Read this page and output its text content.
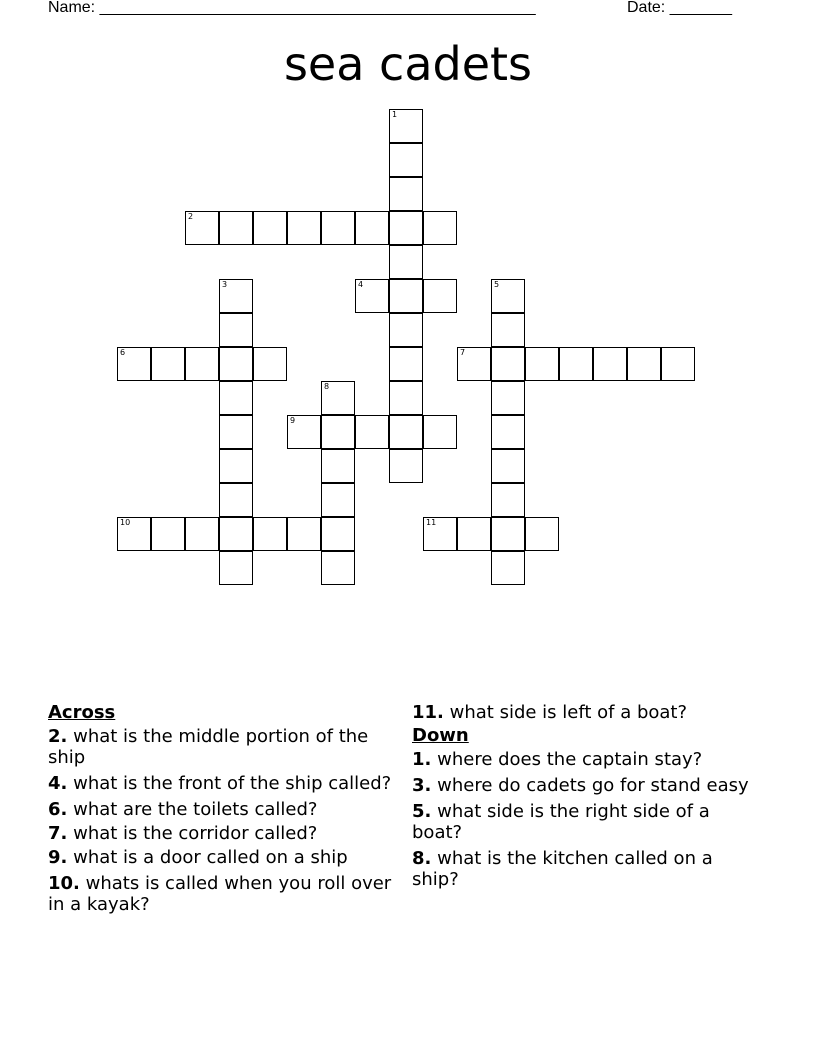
Name: _________________________________________________	Date: _______
sea cadets
1
2
3	4	5
6	7
8
9
10	11
Across
2. what is the middle portion of the ship
4. what is the front of the ship called?
6. what are the toilets called?
7. what is the corridor called?
9. what is a door called on a ship
10. whats is called when you roll over in a kayak?
11. what side is left of a boat?
Down
1. where does the captain stay?
3. where do cadets go for stand easy
5. what side is the right side of a boat?
8. what is the kitchen called on a ship?
